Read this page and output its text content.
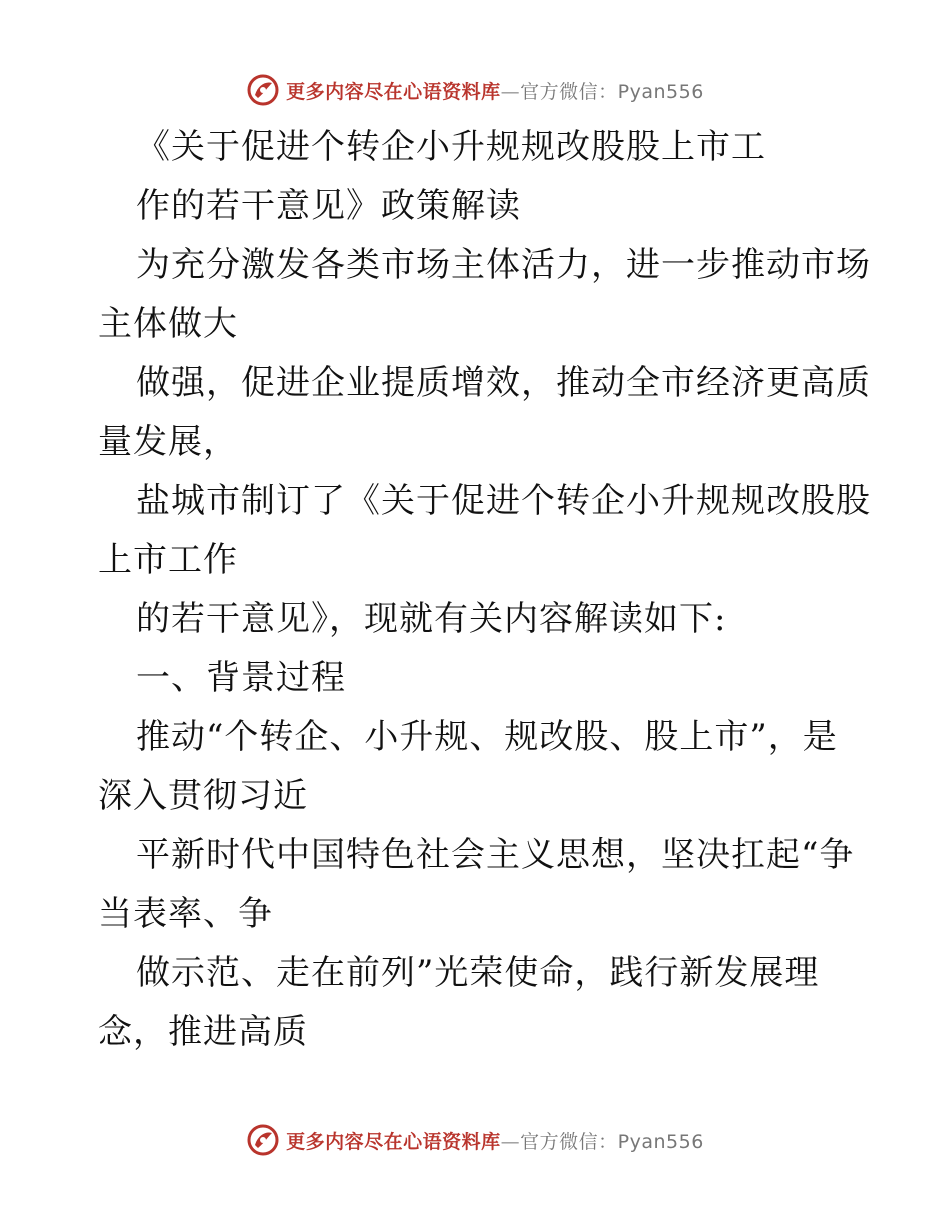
更多内容尽在心语资料库—官方微信：Pyan556
《关于促进个转企小升规规改股股上市工
作的若干意见》政策解读
为充分激发各类市场主体活力，进一步推动市场
主体做大
做强，促进企业提质增效，推动全市经济更高质
量发展，
盐城市制订了《关于促进个转企小升规规改股股
上市工作
的若干意见》，现就有关内容解读如下:
一、背景过程
推动“个转企、小升规、规改股、股上市”，是
深入贯彻习近
平新时代中国特色社会主义思想，坚决扛起“争
当表率、争
做示范、走在前列”光荣使命，践行新发展理
念，推进高质
更多内容尽在心语资料库—官方微信：Pyan556
